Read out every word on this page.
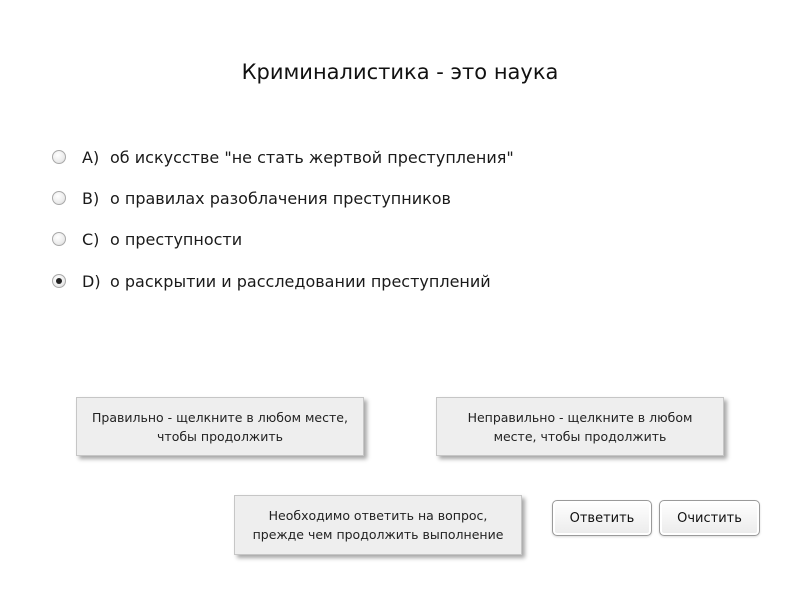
Криминалистика - это наука
A) об искусстве "не стать жертвой преступления"
B) о правилах разоблачения преступников
C) о преступности
D) о раскрытии и расследовании преступлений
Правильно - щелкните в любом месте, чтобы продолжить
Неправильно - щелкните в любом месте, чтобы продолжить
Необходимо ответить на вопрос, прежде чем продолжить выполнение
Ответить	Очистить
